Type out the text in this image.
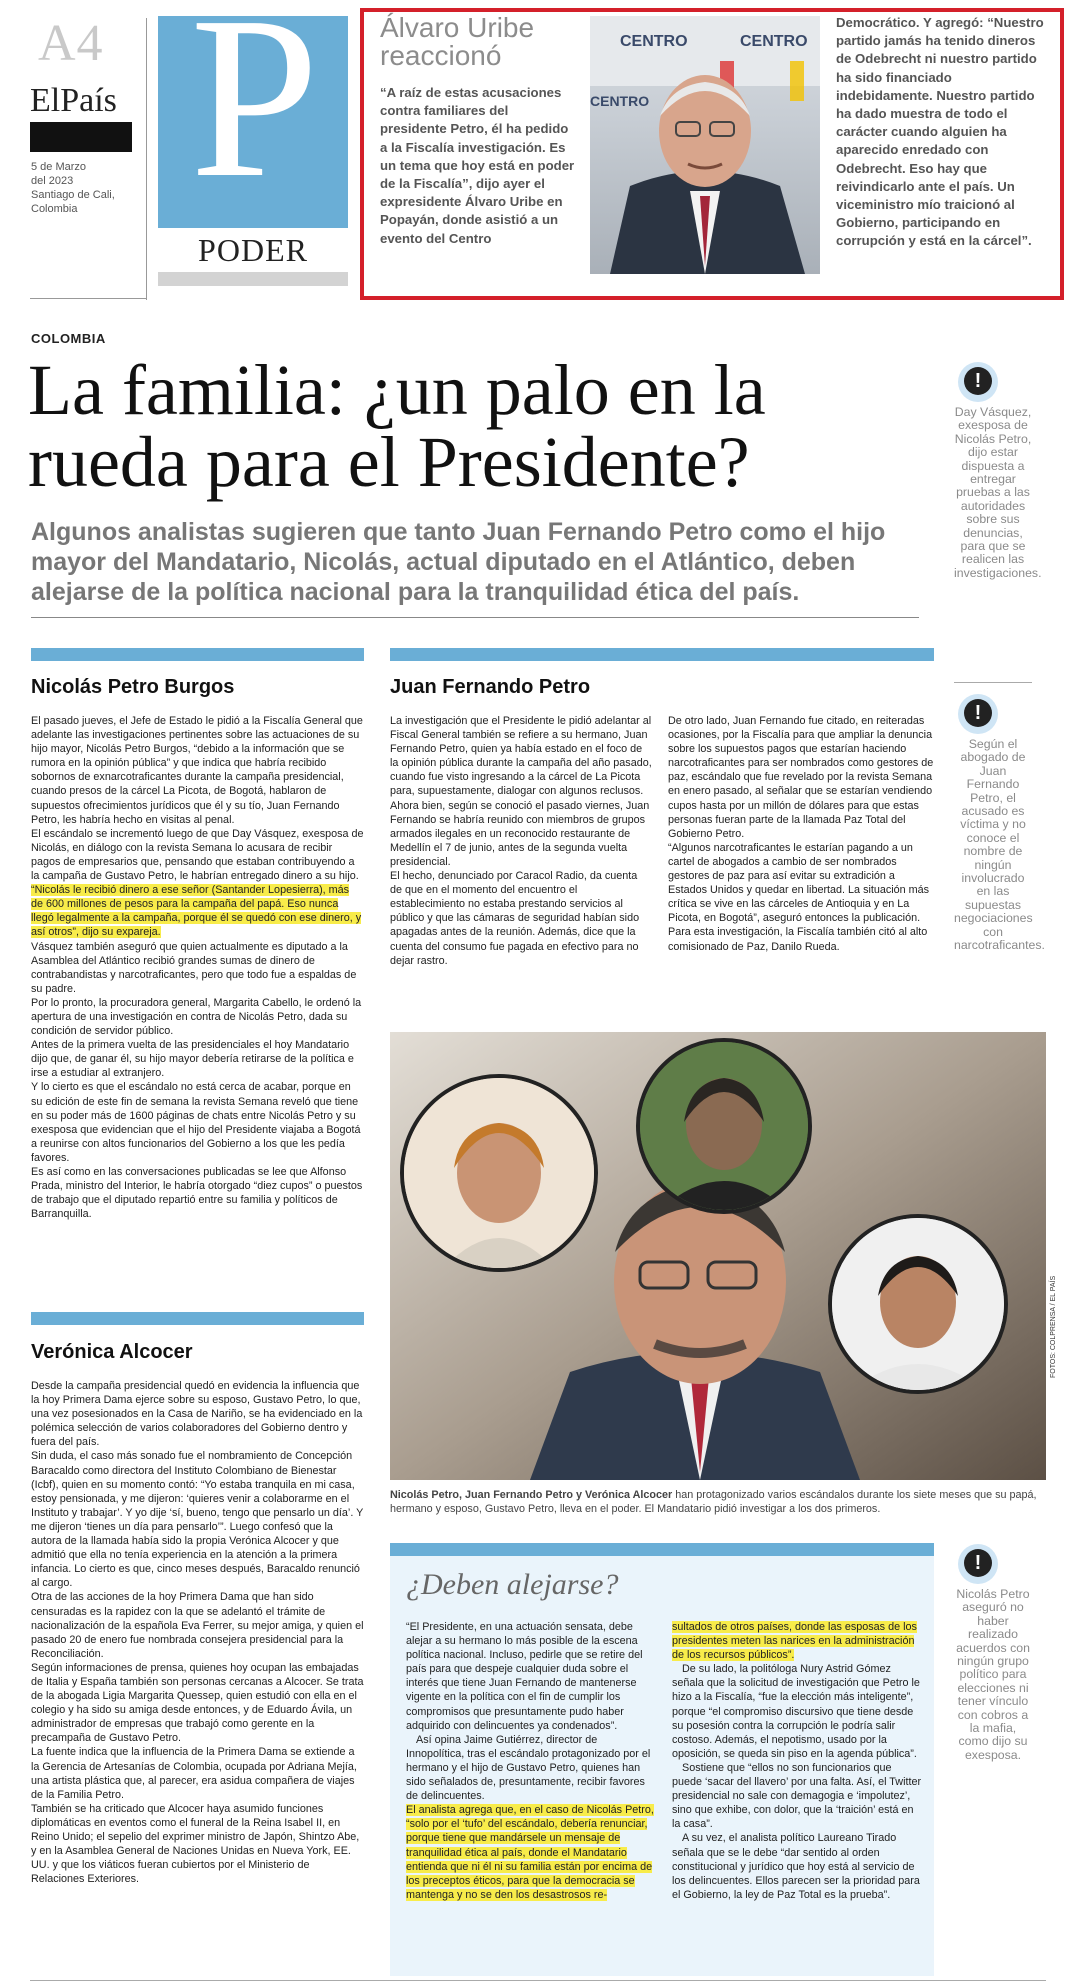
A4
ElPaís
5 de Marzo
del 2023
Santiago de Cali,
Colombia P
PODER
Álvaro Uribe reaccionó
“A raíz de estas acusaciones contra familiares del presidente Petro, él ha pedido a la Fiscalía investigación. Es un tema que hoy está en poder de la Fiscalía”, dijo ayer el expresidente Álvaro Uribe en Popayán, donde asistió a un evento del Centro
CENTRO	CENTRO
CENTRO
Democrático. Y agregó: “Nuestro partido jamás ha tenido dineros de Odebrecht ni nuestro partido ha sido financiado indebidamente. Nuestro partido ha dado muestra de todo el carácter cuando alguien ha aparecido enredado con Odebrecht. Eso hay que reivindicarlo ante el país. Un viceministro mío traicionó al Gobierno, participando en corrupción y está en la cárcel”.
COLOMBIA
La familia: ¿un palo en la rueda para el Presidente?
Algunos analistas sugieren que tanto Juan Fernando Petro como el hijo mayor del Mandatario, Nicolás, actual diputado en el Atlántico, deben alejarse de la política nacional para la tranquilidad ética del país.
Nicolás Petro Burgos

El pasado jueves, el Jefe de Estado le pidió a la Fiscalía General que adelante las investigaciones pertinentes sobre las actuaciones de su hijo mayor, Nicolás Petro Burgos, “debido a la información que se rumora en la opinión pública” y que indica que habría recibido sobornos de exnarcotraficantes durante la campaña presidencial, cuando presos de la cárcel La Picota, de Bogotá, hablaron de supuestos ofrecimientos jurídicos que él y su tío, Juan Fernando Petro, les habría hecho en visitas al penal.

El escándalo se incrementó luego de que Day Vásquez, exesposa de Nicolás, en diálogo con la revista Semana lo acusara de recibir pagos de empresarios que, pensando que estaban contribuyendo a la campaña de Gustavo Petro, le habrían entregado dinero a su hijo.

“Nicolás le recibió dinero a ese señor (Santander Lopesierra), más de 600 millones de pesos para la campaña del papá. Eso nunca llegó legalmente a la campaña, porque él se quedó con ese dinero, y así otros”, dijo su expareja.

Vásquez también aseguró que quien actualmente es diputado a la Asamblea del Atlántico recibió grandes sumas de dinero de contrabandistas y narcotraficantes, pero que todo fue a espaldas de su padre.

Por lo pronto, la procuradora general, Margarita Cabello, le ordenó la apertura de una investigación en contra de Nicolás Petro, dada su condición de servidor público.

Antes de la primera vuelta de las presidenciales el hoy Mandatario dijo que, de ganar él, su hijo mayor debería retirarse de la política e irse a estudiar al extranjero.

Y lo cierto es que el escándalo no está cerca de acabar, porque en su edición de este fin de semana la revista Semana reveló que tiene en su poder más de 1600 páginas de chats entre Nicolás Petro y su exesposa que evidencian que el hijo del Presidente viajaba a Bogotá a reunirse con altos funcionarios del Gobierno a los que les pedía favores.

Es así como en las conversaciones publicadas se lee que Alfonso Prada, ministro del Interior, le habría otorgado “diez cupos” o puestos de trabajo que el diputado repartió entre su familia y políticos de Barranquilla.

Verónica Alcocer

Desde la campaña presidencial quedó en evidencia la influencia que la hoy Primera Dama ejerce sobre su esposo, Gustavo Petro, lo que, una vez posesionados en la Casa de Nariño, se ha evidenciado en la polémica selección de varios colaboradores del Gobierno dentro y fuera del país.

Sin duda, el caso más sonado fue el nombramiento de Concepción Baracaldo como directora del Instituto Colombiano de Bienestar (Icbf), quien en su momento contó: “Yo estaba tranquila en mi casa, estoy pensionada, y me dijeron: ‘quieres venir a colaborarme en el Instituto y trabajar’. Y yo dije ‘sí, bueno, tengo que pensarlo un día’. Y me dijeron ‘tienes un día para pensarlo’”. Luego confesó que la autora de la llamada había sido la propia Verónica Alcocer y que admitió que ella no tenía experiencia en la atención a la primera infancia. Lo cierto es que, cinco meses después, Baracaldo renunció al cargo.

Otra de las acciones de la hoy Primera Dama que han sido censuradas es la rapidez con la que se adelantó el trámite de nacionalización de la española Eva Ferrer, su mejor amiga, y quien el pasado 20 de enero fue nombrada consejera presidencial para la Reconciliación.

Según informaciones de prensa, quienes hoy ocupan las embajadas de Italia y España también son personas cercanas a Alcocer. Se trata de la abogada Ligia Margarita Quessep, quien estudió con ella en el colegio y ha sido su amiga desde entonces, y de Eduardo Ávila, un administrador de empresas que trabajó como gerente en la precampaña de Gustavo Petro.

La fuente indica que la influencia de la Primera Dama se extiende a la Gerencia de Artesanías de Colombia, ocupada por Adriana Mejía, una artista plástica que, al parecer, era asidua compañera de viajes de la Familia Petro.

También se ha criticado que Alcocer haya asumido funciones diplomáticas en eventos como el funeral de la Reina Isabel II, en Reino Unido; el sepelio del exprimer ministro de Japón, Shintzo Abe, y en la Asamblea General de Naciones Unidas en Nueva York, EE. UU. y que los viáticos fueran cubiertos por el Ministerio de Relaciones Exteriores.

Juan Fernando Petro

La investigación que el Presidente le pidió adelantar al Fiscal General también se refiere a su hermano, Juan Fernando Petro, quien ya había estado en el foco de la opinión pública durante la campaña del año pasado, cuando fue visto ingresando a la cárcel de La Picota para, supuestamente, dialogar con algunos reclusos.

Ahora bien, según se conoció el pasado viernes, Juan Fernando se habría reunido con miembros de grupos armados ilegales en un reconocido restaurante de Medellín el 7 de junio, antes de la segunda vuelta presidencial.

El hecho, denunciado por Caracol Radio, da cuenta de que en el momento del encuentro el establecimiento no estaba prestando servicios al público y que las cámaras de seguridad habían sido apagadas antes de la reunión. Además, dice que la cuenta del consumo fue pagada en efectivo para no dejar rastro.

De otro lado, Juan Fernando fue citado, en reiteradas ocasiones, por la Fiscalía para que ampliar la denuncia sobre los supuestos pagos que estarían haciendo narcotraficantes para ser nombrados como gestores de paz, escándalo que fue revelado por la revista Semana en enero pasado, al señalar que se estarían vendiendo cupos hasta por un millón de dólares para que estas personas fueran parte de la llamada Paz Total del Gobierno Petro.

“Algunos narcotraficantes le estarían pagando a un cartel de abogados a cambio de ser nombrados gestores de paz para así evitar su extradición a Estados Unidos y quedar en libertad. La situación más crítica se vive en las cárceles de Antioquia y en La Picota, en Bogotá”, aseguró entonces la publicación.

Para esta investigación, la Fiscalía también citó al alto comisionado de Paz, Danilo Rueda.

!
Day Vásquez, exesposa de Nicolás Petro, dijo estar dispuesta a entregar pruebas a las autoridades sobre sus denuncias, para que se realicen las investigaciones.
!
Según el abogado de Juan Fernando Petro, el acusado es víctima y no conoce el nombre de ningún involucrado en las supuestas negociaciones con narcotraficantes.
!
Nicolás Petro aseguró no haber realizado acuerdos con ningún grupo político para elecciones ni tener vínculo con cobros a la mafia, como dijo su exesposa.
FOTOS: COLPRENSA / EL PAÍS
Nicolás Petro, Juan Fernando Petro y Verónica Alcocer han protagonizado varios escándalos durante los siete meses que su papá, hermano y esposo, Gustavo Petro, lleva en el poder. El Mandatario pidió investigar a los dos primeros.
¿Deben alejarse?

“El Presidente, en una actuación sensata, debe alejar a su hermano lo más posible de la escena política nacional. Incluso, pedirle que se retire del país para que despeje cualquier duda sobre el interés que tiene Juan Fernando de mantenerse vigente en la política con el fin de cumplir los compromisos que presuntamente pudo haber adquirido con delincuentes ya condenados”.

Así opina Jaime Gutiérrez, director de Innopolítica, tras el escándalo protagonizado por el hermano y el hijo de Gustavo Petro, quienes han sido señalados de, presuntamente, recibir favores de delincuentes.

El analista agrega que, en el caso de Nicolás Petro, “solo por el ‘tufo’ del escándalo, debería renunciar, porque tiene que mandársele un mensaje de tranquilidad ética al país, donde el Mandatario entienda que ni él ni su familia están por encima de los preceptos éticos, para que la democracia se mantenga y no se den los desastrosos re-

sultados de otros países, donde las esposas de los presidentes meten las narices en la administración de los recursos públicos”.

De su lado, la politóloga Nury Astrid Gómez señala que la solicitud de investigación que Petro le hizo a la Fiscalía, “fue la elección más inteligente”, porque “el compromiso discursivo que tiene desde su posesión contra la corrupción le podría salir costoso. Además, el nepotismo, usado por la oposición, se queda sin piso en la agenda pública”.

Sostiene que “ellos no son funcionarios que puede ‘sacar del llavero’ por una falta. Así, el Twitter presidencial no sale con demagogia e ‘impolutez’, sino que exhibe, con dolor, que la ‘traición’ está en la casa”.

A su vez, el analista político Laureano Tirado señala que se le debe “dar sentido al orden constitucional y jurídico que hoy está al servicio de los delincuentes. Ellos parecen ser la prioridad para el Gobierno, la ley de Paz Total es la prueba”.
